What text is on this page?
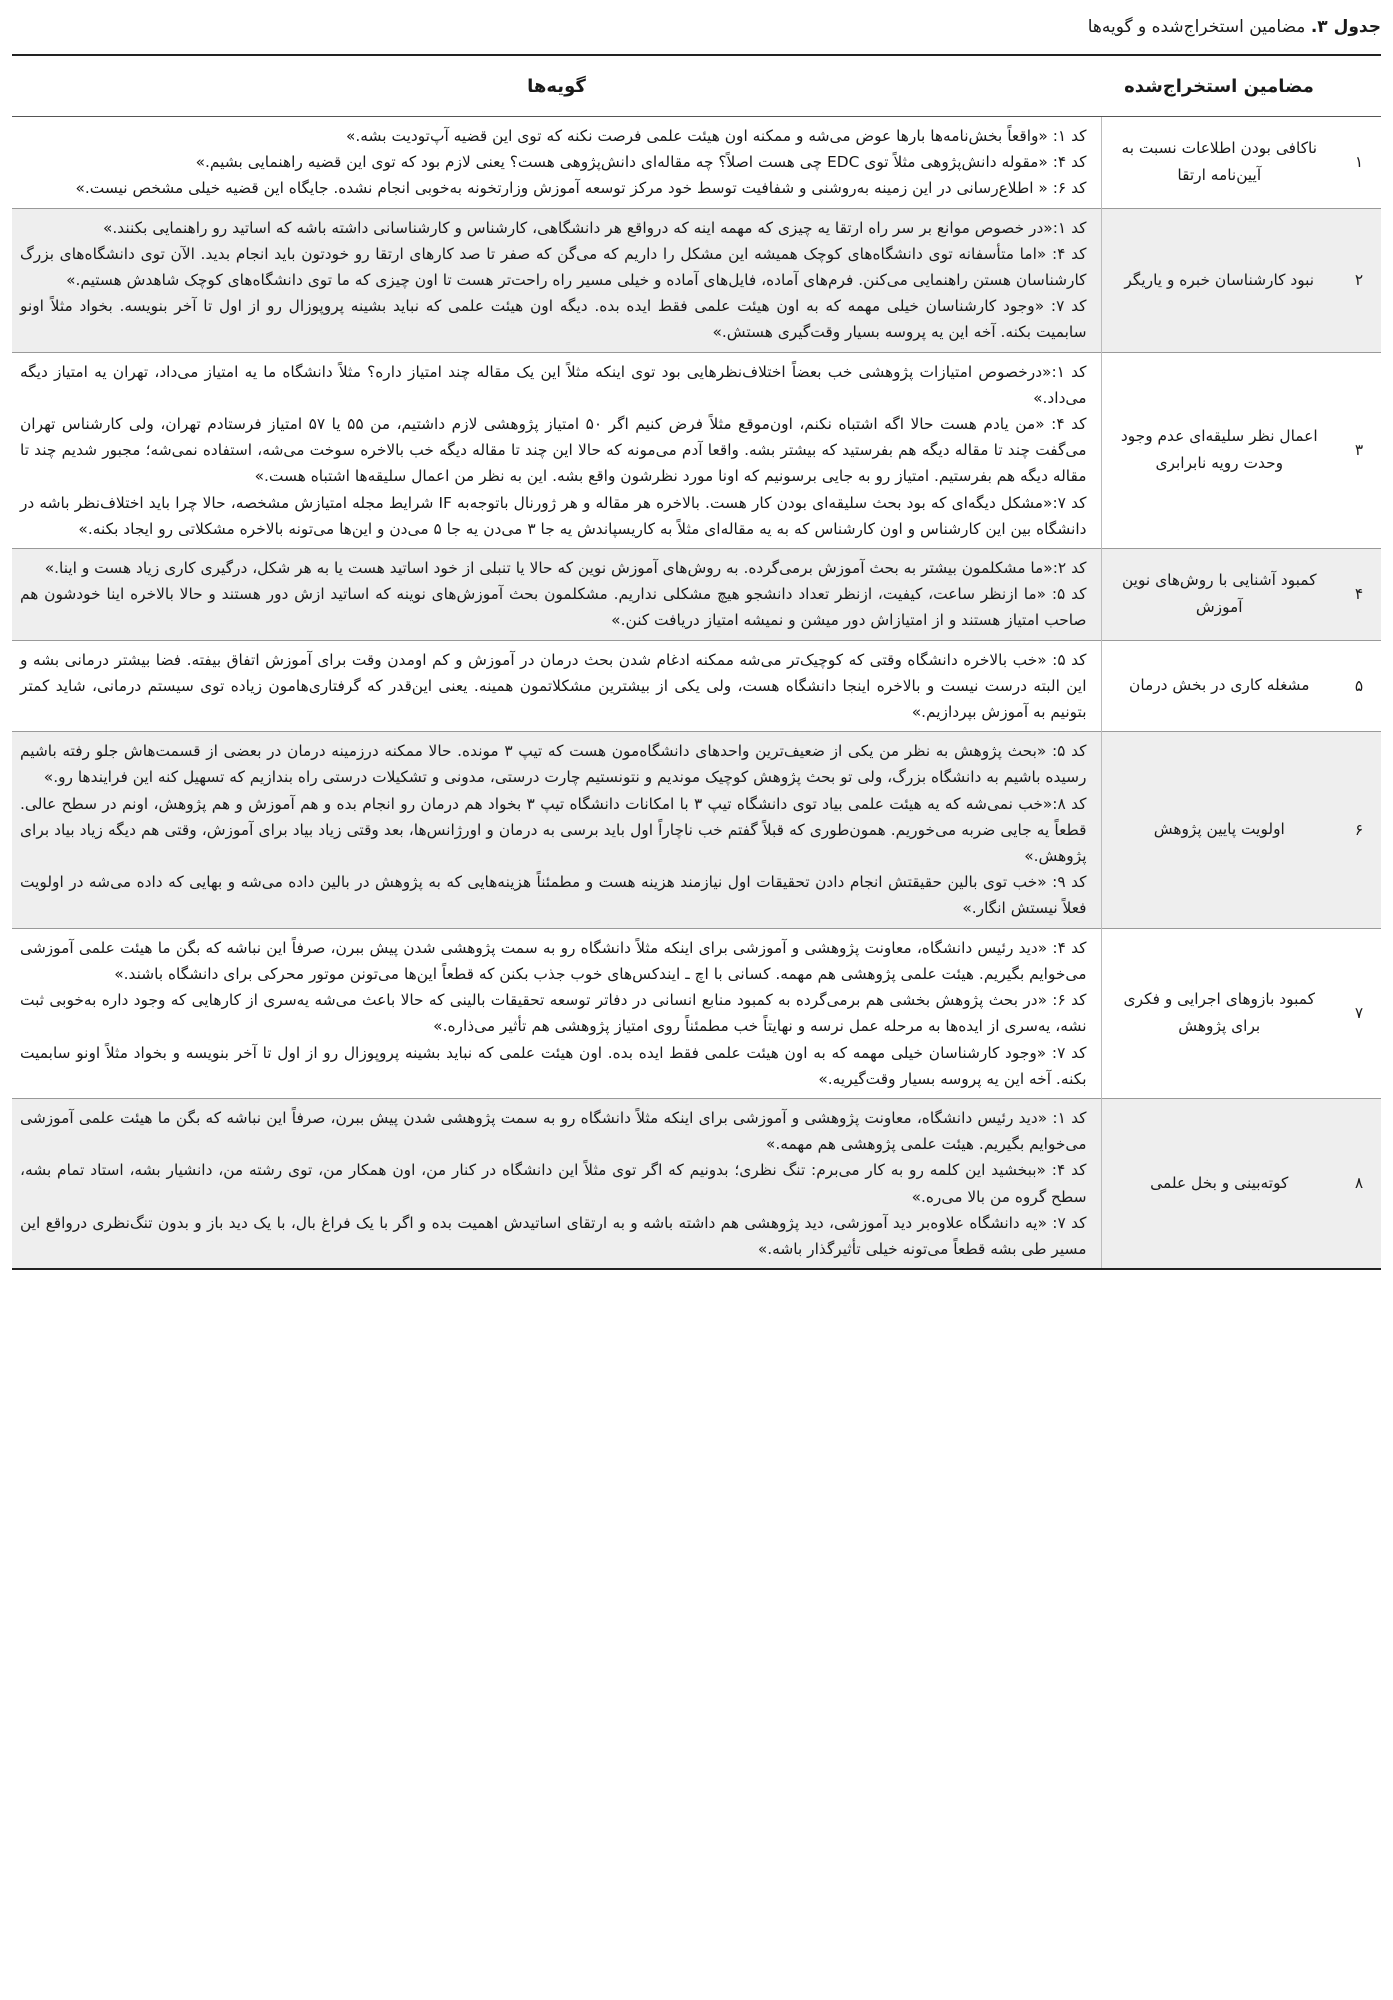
جدول ۳. مضامین استخراج‌شده و گویه‌ها
	مضامین استخراج‌شده	گویه‌ها
۱	ناکافی بودن اطلاعات نسبت به آیین‌نامه ارتقا	کد ۱: «واقعاً بخش‌نامه‌ها بارها عوض می‌شه و ممکنه اون هیئت علمی فرصت نکنه که توی این قضیه آپ‌تودیت بشه.»

کد ۴: «مقوله دانش‌پژوهی مثلاً توی EDC چی هست اصلاً؟ چه مقاله‌ای دانش‌پژوهی هست؟ یعنی لازم بود که توی این قضیه راهنمایی بشیم.»

کد ۶: « اطلاع‌رسانی در این زمینه به‌روشنی و شفافیت توسط خود مرکز توسعه آموزش وزارتخونه به‌خوبی انجام نشده. جایگاه این قضیه خیلی مشخص نیست.»

۲	نبود کارشناسان خبره و یاریگر	کد ۱:«در خصوص موانع بر سر راه ارتقا یه چیزی که مهمه اینه که درواقع هر دانشگاهی، کارشناس و کارشناسانی داشته باشه که اساتید رو راهنمایی بکنند.»

کد ۴: «اما متأسفانه توی دانشگاه‌های کوچک همیشه این مشکل را داریم که می‌گن که صفر تا صد کارهای ارتقا رو خودتون باید انجام بدید. الآن توی دانشگاه‌های بزرگ کارشناسان هستن راهنمایی می‌کنن. فرم‌های آماده، فایل‌های آماده و خیلی مسیر راه راحت‌تر هست تا اون چیزی که ما توی دانشگاه‌های کوچک شاهدش هستیم.»

کد ۷: «وجود کارشناسان خیلی مهمه که به اون هیئت علمی فقط ایده بده. دیگه اون هیئت علمی که نباید بشینه پروپوزال رو از اول تا آخر بنویسه. بخواد مثلاً اونو سابمیت بکنه. آخه این یه پروسه بسیار وقت‌گیری هستش.»

۳	اعمال نظر سلیقه‌ای عدم وجود وحدت رویه نابرابری	کد ۱:«درخصوص امتیازات پژوهشی خب بعضاً اختلاف‌نظرهایی بود توی اینکه مثلاً این یک مقاله چند امتیاز داره؟ مثلاً دانشگاه ما یه امتیاز می‌داد، تهران یه امتیاز دیگه می‌داد.»

کد ۴: «من یادم هست حالا اگه اشتباه نکنم، اون‌موقع مثلاً فرض کنیم اگر ۵۰ امتیاز پژوهشی لازم داشتیم، من ۵۵ یا ۵۷ امتیاز فرستادم تهران، ولی کارشناس تهران می‌گفت چند تا مقاله دیگه هم بفرستید که بیشتر بشه. واقعا آدم می‌مونه که حالا این چند تا مقاله دیگه خب بالاخره سوخت می‌شه، استفاده نمی‌شه؛ مجبور شدیم چند تا مقاله دیگه هم بفرستیم. امتیاز رو به جایی برسونیم که اونا مورد نظرشون واقع بشه. این به نظر من اعمال سلیقه‌ها اشتباه هست.»

کد ۷:«مشکل دیگه‌ای که بود بحث سلیقه‌ای بودن کار هست. بالاخره هر مقاله و هر ژورنال باتوجه‌به IF شرایط مجله امتیازش مشخصه، حالا چرا باید اختلاف‌نظر باشه در دانشگاه بین این کارشناس و اون کارشناس که به یه مقاله‌ای مثلاً به کاریسپاندش یه جا ۳ می‌دن یه جا ۵ می‌دن و این‌ها می‌تونه بالاخره مشکلاتی رو ایجاد بکنه.»

۴	کمبود آشنایی با روش‌های نوین آموزش	کد ۲:«ما مشکلمون بیشتر به بحث آموزش برمی‌گرده. به روش‌های آموزش نوین که حالا یا تنبلی از خود اساتید هست یا به هر شکل، درگیری کاری زیاد هست و اینا.»

کد ۵: «ما ازنظر ساعت، کیفیت، ازنظر تعداد دانشجو هیچ مشکلی نداریم. مشکلمون بحث آموزش‌های نوینه که اساتید ازش دور هستند و حالا بالاخره اینا خودشون هم صاحب امتیاز هستند و از امتیازاش دور میشن و نمیشه امتیاز دریافت کنن.»

۵	مشغله کاری در بخش درمان	کد ۵: «خب بالاخره دانشگاه وقتی که کوچیک‌تر می‌شه ممکنه ادغام شدن بحث درمان در آموزش و کم اومدن وقت برای آموزش اتفاق بیفته. فضا بیشتر درمانی بشه و این البته درست نیست و بالاخره اینجا دانشگاه هست، ولی یکی از بیشترین مشکلاتمون همینه. یعنی این‌قدر که گرفتاری‌هامون زیاده توی سیستم درمانی، شاید کمتر بتونیم به آموزش بپردازیم.»

۶	اولویت پایین پژوهش	کد ۵: «بحث پژوهش به نظر من یکی از ضعیف‌ترین واحدهای دانشگاه‌مون هست که تیپ ۳ مونده. حالا ممکنه درزمینه درمان در بعضی از قسمت‌هاش جلو رفته باشیم رسیده باشیم به دانشگاه بزرگ، ولی تو بحث پژوهش کوچیک موندیم و نتونستیم چارت درستی، مدونی و تشکیلات درستی راه بندازیم که تسهیل کنه این فرایندها رو.»

کد ۸:«خب نمی‌شه که یه هیئت علمی بیاد توی دانشگاه تیپ ۳ با امکانات دانشگاه تیپ ۳ بخواد هم درمان رو انجام بده و هم آموزش و هم پژوهش، اونم در سطح عالی. قطعاً یه جایی ضربه می‌خوریم. همون‌طوری که قبلاً گفتم خب ناچاراً اول باید برسی به درمان و اورژانس‌ها، بعد وقتی زیاد بیاد برای آموزش، وقتی هم دیگه زیاد بیاد برای پژوهش.»

کد ۹: «خب توی بالین حقیقتش انجام دادن تحقیقات اول نیازمند هزینه هست و مطمئناً هزینه‌هایی که به پژوهش در بالین داده می‌شه و بهایی که داده می‌شه در اولویت فعلاً نیستش انگار.»

۷	کمبود بازوهای اجرایی و فکری برای پژوهش	کد ۴: «دید رئیس دانشگاه، معاونت پژوهشی و آموزشی برای اینکه مثلاً دانشگاه رو به سمت پژوهشی شدن پیش ببرن، صرفاً این نباشه که بگن ما هیئت علمی آموزشی می‌خوایم بگیریم. هیئت علمی پژوهشی هم مهمه. کسانی با اچ ـ ایندکس‌های خوب جذب بکنن که قطعاً این‌ها می‌تونن موتور محرکی برای دانشگاه باشند.»

کد ۶: «در بحث پژوهش بخشی هم برمی‌گرده به کمبود منابع انسانی در دفاتر توسعه تحقیقات بالینی که حالا باعث می‌شه یه‌سری از کارهایی که وجود داره به‌خوبی ثبت نشه، یه‌سری از ایده‌ها به مرحله عمل نرسه و نهایتاً خب مطمئناً روی امتیاز پژوهشی هم تأثیر می‌ذاره.»

کد ۷: «وجود کارشناسان خیلی مهمه که به اون هیئت علمی فقط ایده بده. اون هیئت علمی که نباید بشینه پروپوزال رو از اول تا آخر بنویسه و بخواد مثلاً اونو سابمیت بکنه. آخه این یه پروسه بسیار وقت‌گیریه.»

۸	کوته‌بینی و بخل علمی	کد ۱: «دید رئیس دانشگاه، معاونت پژوهشی و آموزشی برای اینکه مثلاً دانشگاه رو به سمت پژوهشی شدن پیش ببرن، صرفاً این نباشه که بگن ما هیئت علمی آموزشی می‌خوایم بگیریم. هیئت علمی پژوهشی هم مهمه.»

کد ۴: «ببخشید این کلمه رو به کار می‌برم: تنگ نظری؛ بدونیم که اگر توی مثلاً این دانشگاه در کنار من، اون همکار من، توی رشته من، دانشیار بشه، استاد تمام بشه، سطح گروه من بالا می‌ره.»

کد ۷: «یه دانشگاه علاوه‌بر دید آموزشی، دید پژوهشی هم داشته باشه و به ارتقای اساتیدش اهمیت بده و اگر با یک فراغ بال، با یک دید باز و بدون تنگ‌نظری درواقع این مسیر طی بشه قطعاً می‌تونه خیلی تأثیرگذار باشه.»
